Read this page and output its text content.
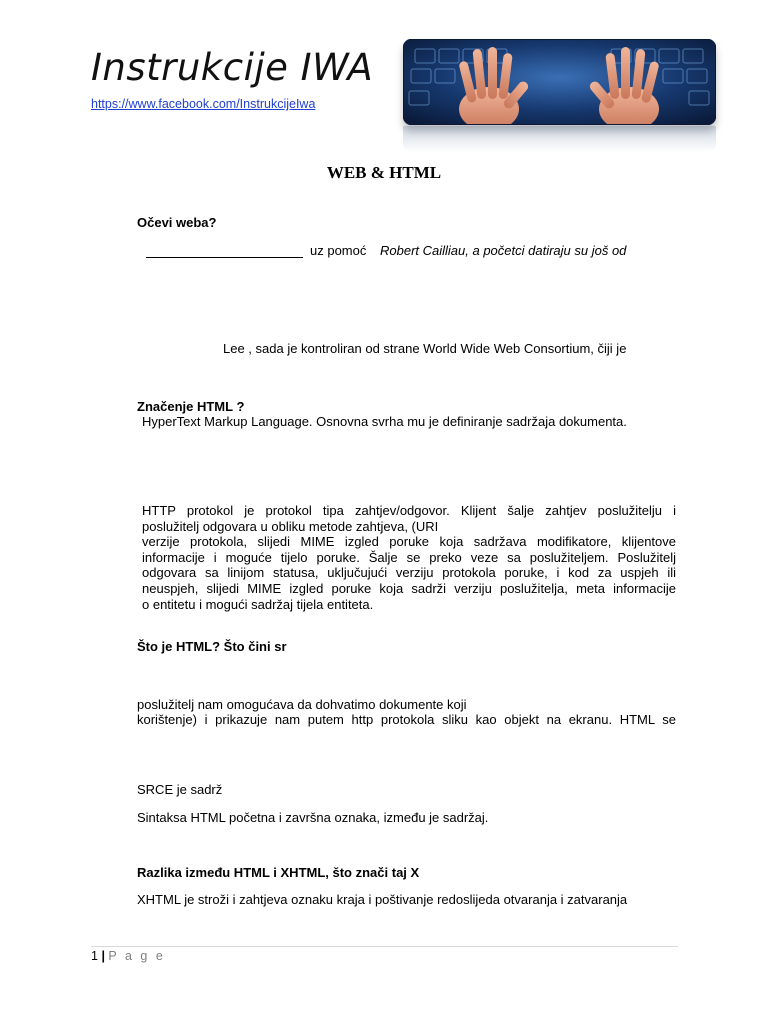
Instrukcije IWA
https://www.facebook.com/InstrukcijeIwa
WEB & HTML
Očevi weba?
uz pomoć Robert Cailliau, a početci datiraju su još od
Lee , sada je kontroliran od strane World Wide Web Consortium, čiji je
Značenje HTML ?
HyperText Markup Language. Osnovna svrha mu je definiranje sadržaja dokumenta.
HTTP protokol je protokol tipa zahtjev/odgovor. Klijent šalje zahtjev poslužitelju i
poslužitelj odgovara u obliku metode zahtjeva, (URI
verzije protokola, slijedi MIME izgled poruke koja sadržava modifikatore, klijentove
informacije i moguće tijelo poruke. Šalje se preko veze sa poslužiteljem. Poslužitelj
odgovara sa linijom statusa, uključujući verziju protokola poruke, i kod za uspjeh ili
neuspjeh, slijedi MIME izgled poruke koja sadrži verziju poslužitelja, meta informacije
o entitetu i mogući sadržaj tijela entiteta.
Što je HTML? Što čini sr
poslužitelj nam omogućava da dohvatimo dokumente koji
korištenje) i prikazuje nam putem http protokola sliku kao objekt na ekranu. HTML se
SRCE je sadrž
Sintaksa HTML početna i završna oznaka, između je sadržaj.
Razlika između HTML i XHTML, što znači taj X
XHTML je stroži i zahtjeva oznaku kraja i poštivanje redoslijeda otvaranja i zatvaranja
1 | P a g e
